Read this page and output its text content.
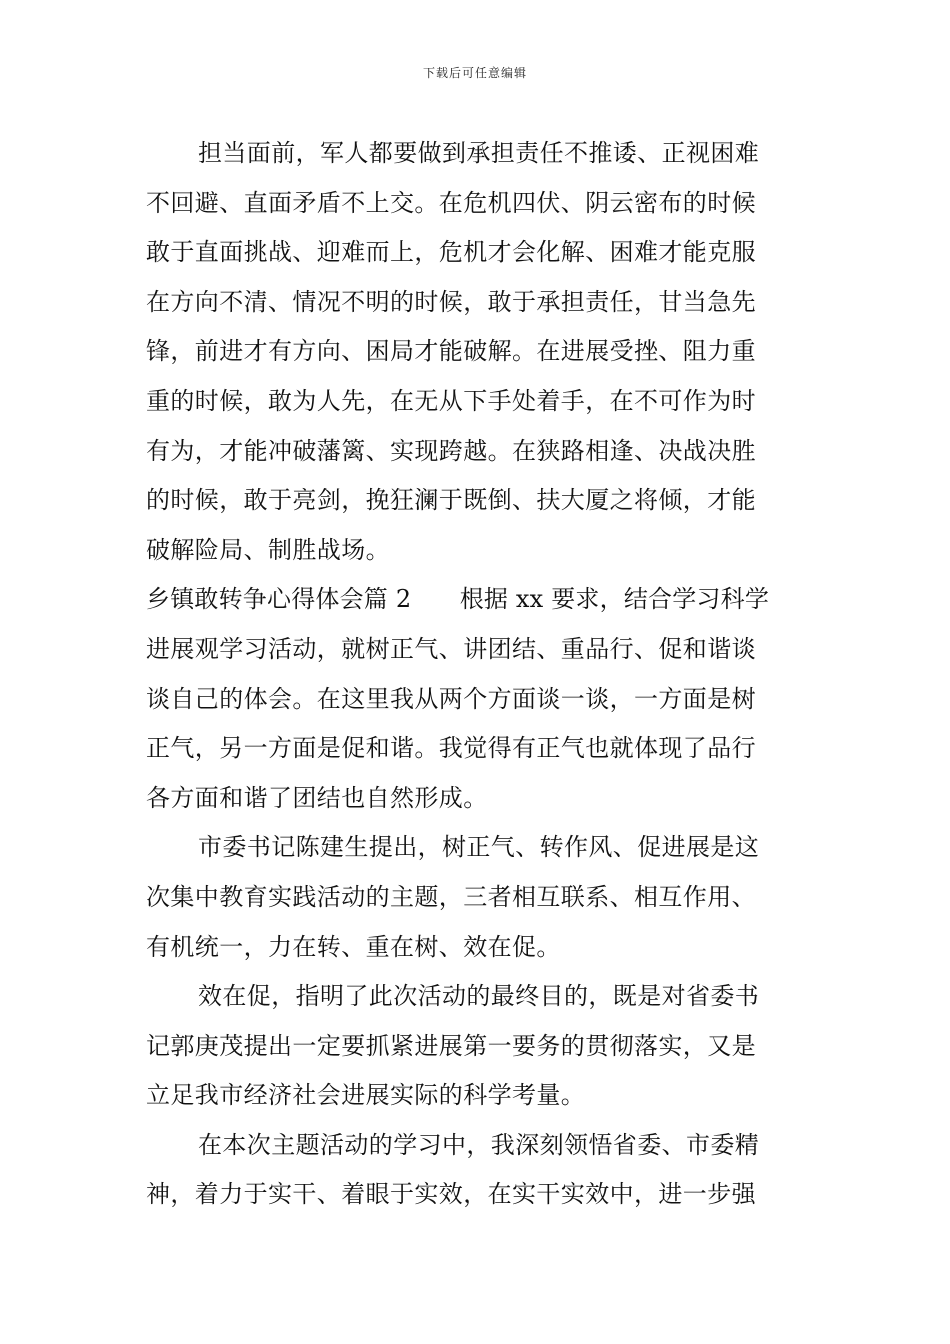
下载后可任意编辑
担当面前，军人都要做到承担责任不推诿、正视困难
不回避、直面矛盾不上交。在危机四伏、阴云密布的时候
敢于直面挑战、迎难而上，危机才会化解、困难才能克服
在方向不清、情况不明的时候，敢于承担责任，甘当急先
锋，前进才有方向、困局才能破解。在进展受挫、阻力重
重的时候，敢为人先，在无从下手处着手，在不可作为时
有为，才能冲破藩篱、实现跨越。在狭路相逢、决战决胜
的时候，敢于亮剑，挽狂澜于既倒、扶大厦之将倾，才能
破解险局、制胜战场。
乡镇敢转争心得体会篇 2　　根据 xx 要求，结合学习科学
进展观学习活动，就树正气、讲团结、重品行、促和谐谈
谈自己的体会。在这里我从两个方面谈一谈，一方面是树
正气，另一方面是促和谐。我觉得有正气也就体现了品行
各方面和谐了团结也自然形成。
市委书记陈建生提出，树正气、转作风、促进展是这
次集中教育实践活动的主题，三者相互联系、相互作用、
有机统一，力在转、重在树、效在促。
效在促，指明了此次活动的最终目的，既是对省委书
记郭庚茂提出一定要抓紧进展第一要务的贯彻落实，又是
立足我市经济社会进展实际的科学考量。
在本次主题活动的学习中，我深刻领悟省委、市委精
神，着力于实干、着眼于实效，在实干实效中，进一步强
